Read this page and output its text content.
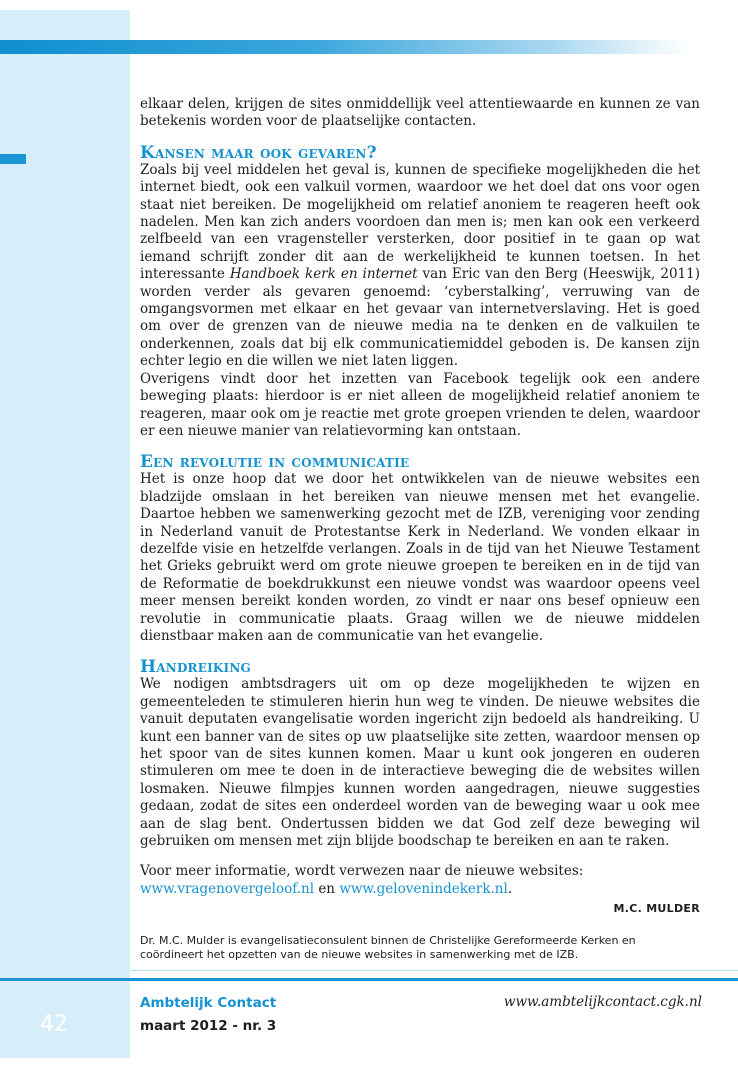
elkaar delen, krijgen de sites onmiddellijk veel attentiewaarde en kunnen ze van betekenis worden voor de plaatselijke contacten.

Kansen maar ook gevaren?

Zoals bij veel middelen het geval is, kunnen de specifieke mogelijkheden die het internet biedt, ook een valkuil vormen, waardoor we het doel dat ons voor ogen staat niet bereiken. De mogelijkheid om relatief anoniem te reageren heeft ook nadelen. Men kan zich anders voordoen dan men is; men kan ook een verkeerd zelfbeeld van een vragensteller versterken, door positief in te gaan op wat iemand schrijft zonder dit aan de werkelijkheid te kunnen toetsen. In het interessante Handboek kerk en internet van Eric van den Berg (Heeswijk, 2011) worden verder als gevaren genoemd: ‘cyberstalking’, verruwing van de omgangsvormen met elkaar en het gevaar van internetverslaving. Het is goed om over de grenzen van de nieuwe media na te denken en de valkuilen te onderkennen, zoals dat bij elk communicatiemiddel geboden is. De kansen zijn echter legio en die willen we niet laten liggen.

Overigens vindt door het inzetten van Facebook tegelijk ook een andere beweging plaats: hierdoor is er niet alleen de mogelijkheid relatief anoniem te reageren, maar ook om je reactie met grote groepen vrienden te delen, waardoor er een nieuwe manier van relatievorming kan ontstaan.

Een revolutie in communicatie

Het is onze hoop dat we door het ontwikkelen van de nieuwe websites een bladzijde omslaan in het bereiken van nieuwe mensen met het evangelie. Daartoe hebben we samenwerking gezocht met de IZB, vereniging voor zending in Nederland vanuit de Protestantse Kerk in Nederland. We vonden elkaar in dezelfde visie en hetzelfde verlangen. Zoals in de tijd van het Nieuwe Testament het Grieks gebruikt werd om grote nieuwe groepen te bereiken en in de tijd van de Reformatie de boekdrukkunst een nieuwe vondst was waardoor opeens veel meer mensen bereikt konden worden, zo vindt er naar ons besef opnieuw een revolutie in communicatie plaats. Graag willen we de nieuwe middelen dienstbaar maken aan de communicatie van het evangelie.

Handreiking

We nodigen ambtsdragers uit om op deze mogelijkheden te wijzen en gemeenteleden te stimuleren hierin hun weg te vinden. De nieuwe websites die vanuit deputaten evangelisatie worden ingericht zijn bedoeld als handreiking. U kunt een banner van de sites op uw plaatselijke site zetten, waardoor mensen op het spoor van de sites kunnen komen. Maar u kunt ook jongeren en ouderen stimuleren om mee te doen in de interactieve beweging die de websites willen losmaken. Nieuwe filmpjes kunnen worden aangedragen, nieuwe suggesties gedaan, zodat de sites een onderdeel worden van de beweging waar u ook mee aan de slag bent. Ondertussen bidden we dat God zelf deze beweging wil gebruiken om mensen met zijn blijde boodschap te bereiken en aan te raken.

Voor meer informatie, wordt verwezen naar de nieuwe websites:

www.vragenovergeloof.nl en www.gelovenindekerk.nl.

M.C. MULDER
Dr. M.C. Mulder is evangelisatieconsulent binnen de Christelijke Gereformeerde Kerken en coördineert het opzetten van de nieuwe websites in samenwerking met de IZB.
Ambtelijk Contact
maart 2012 - nr. 3
www.ambtelijkcontact.cgk.nl
42
